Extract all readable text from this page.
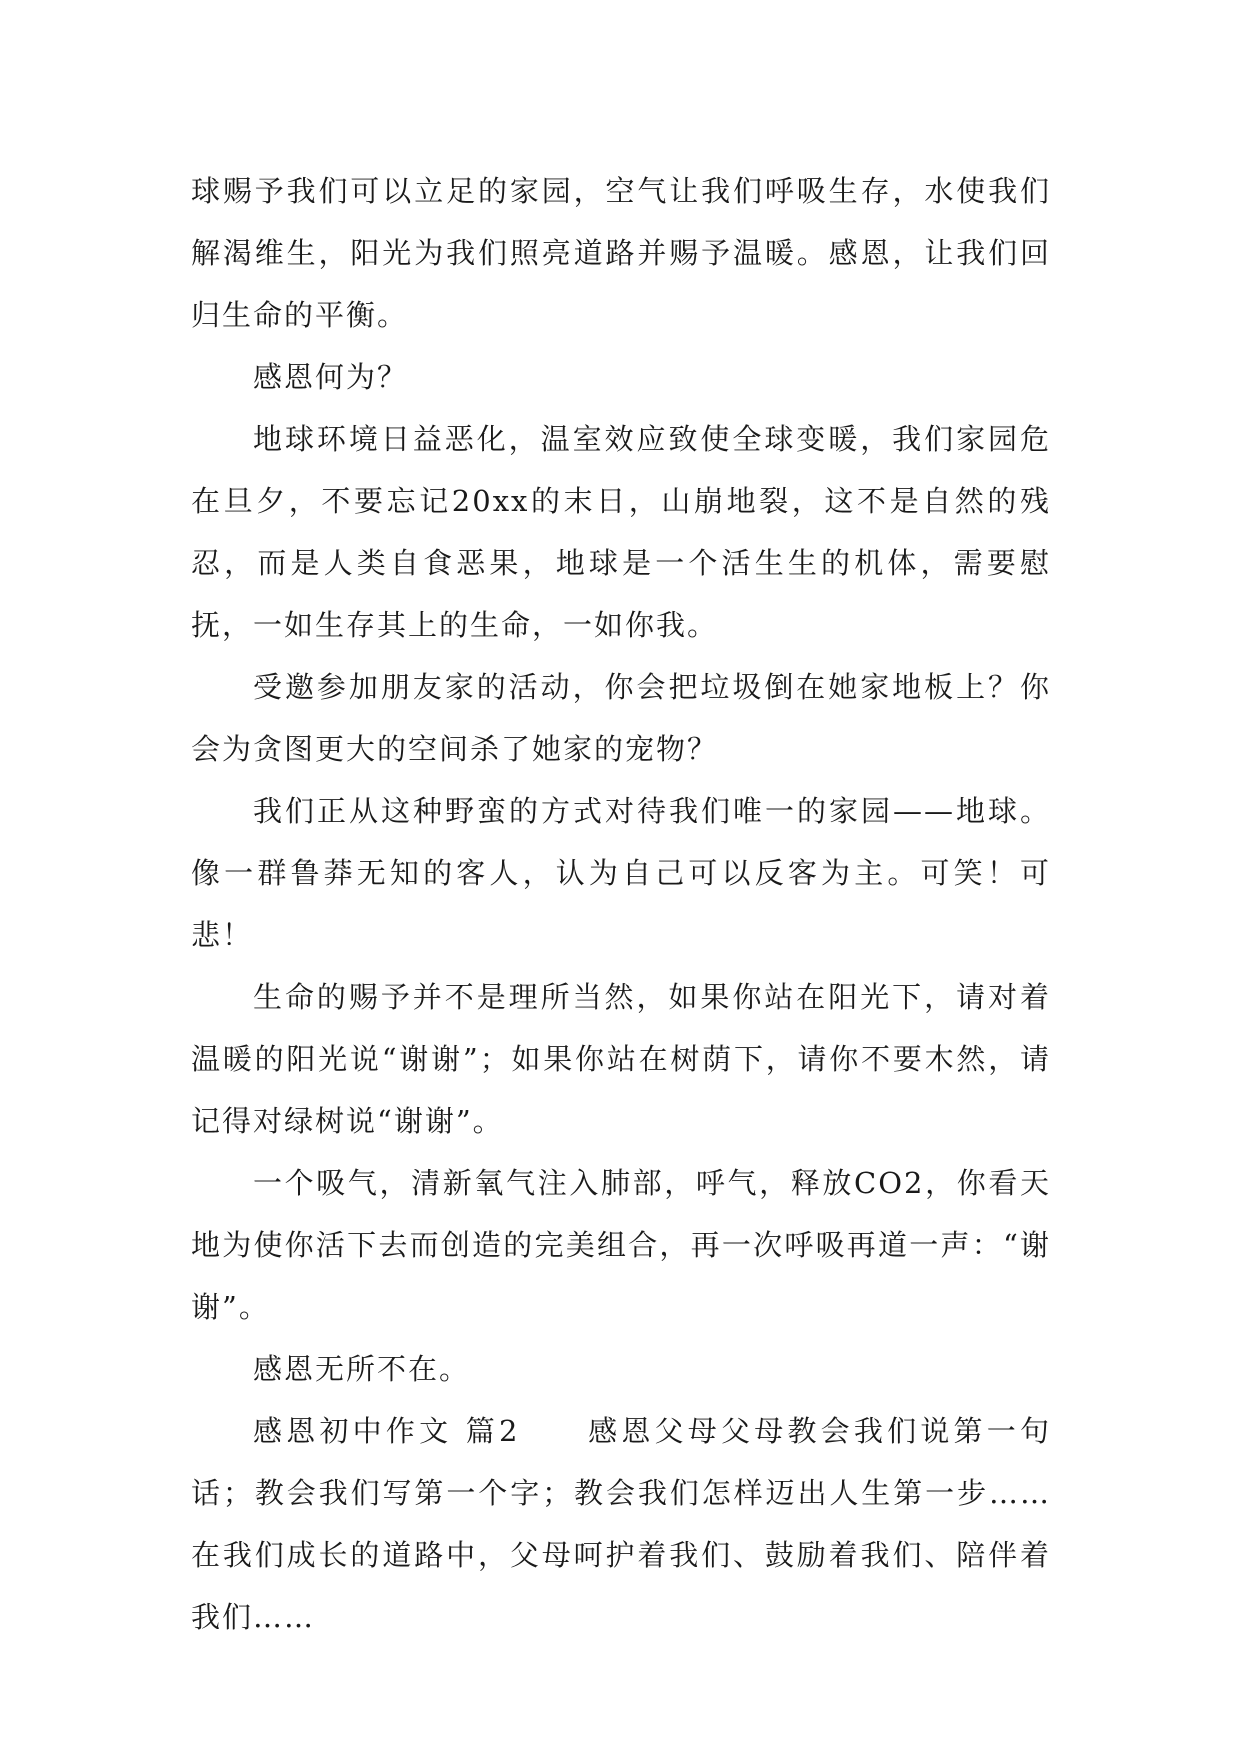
球赐予我们可以立足的家园，空气让我们呼吸生存，水使我们解渴维生，阳光为我们照亮道路并赐予温暖。感恩，让我们回归生命的平衡。

感恩何为？

地球环境日益恶化，温室效应致使全球变暖，我们家园危在旦夕，不要忘记20xx的末日，山崩地裂，这不是自然的残忍，而是人类自食恶果，地球是一个活生生的机体，需要慰抚，一如生存其上的生命，一如你我。

受邀参加朋友家的活动，你会把垃圾倒在她家地板上？你会为贪图更大的空间杀了她家的宠物？

我们正从这种野蛮的方式对待我们唯一的家园——地球。像一群鲁莽无知的客人，认为自己可以反客为主。可笑！可悲！

生命的赐予并不是理所当然，如果你站在阳光下，请对着温暖的阳光说“谢谢”；如果你站在树荫下，请你不要木然，请记得对绿树说“谢谢”。

一个吸气，清新氧气注入肺部，呼气，释放CO2，你看天地为使你活下去而创造的完美组合，再一次呼吸再道一声：“谢谢”。

感恩无所不在。

感恩初中作文 篇2　　感恩父母父母教会我们说第一句话；教会我们写第一个字；教会我们怎样迈出人生第一步……在我们成长的道路中，父母呵护着我们、鼓励着我们、陪伴着我们……
